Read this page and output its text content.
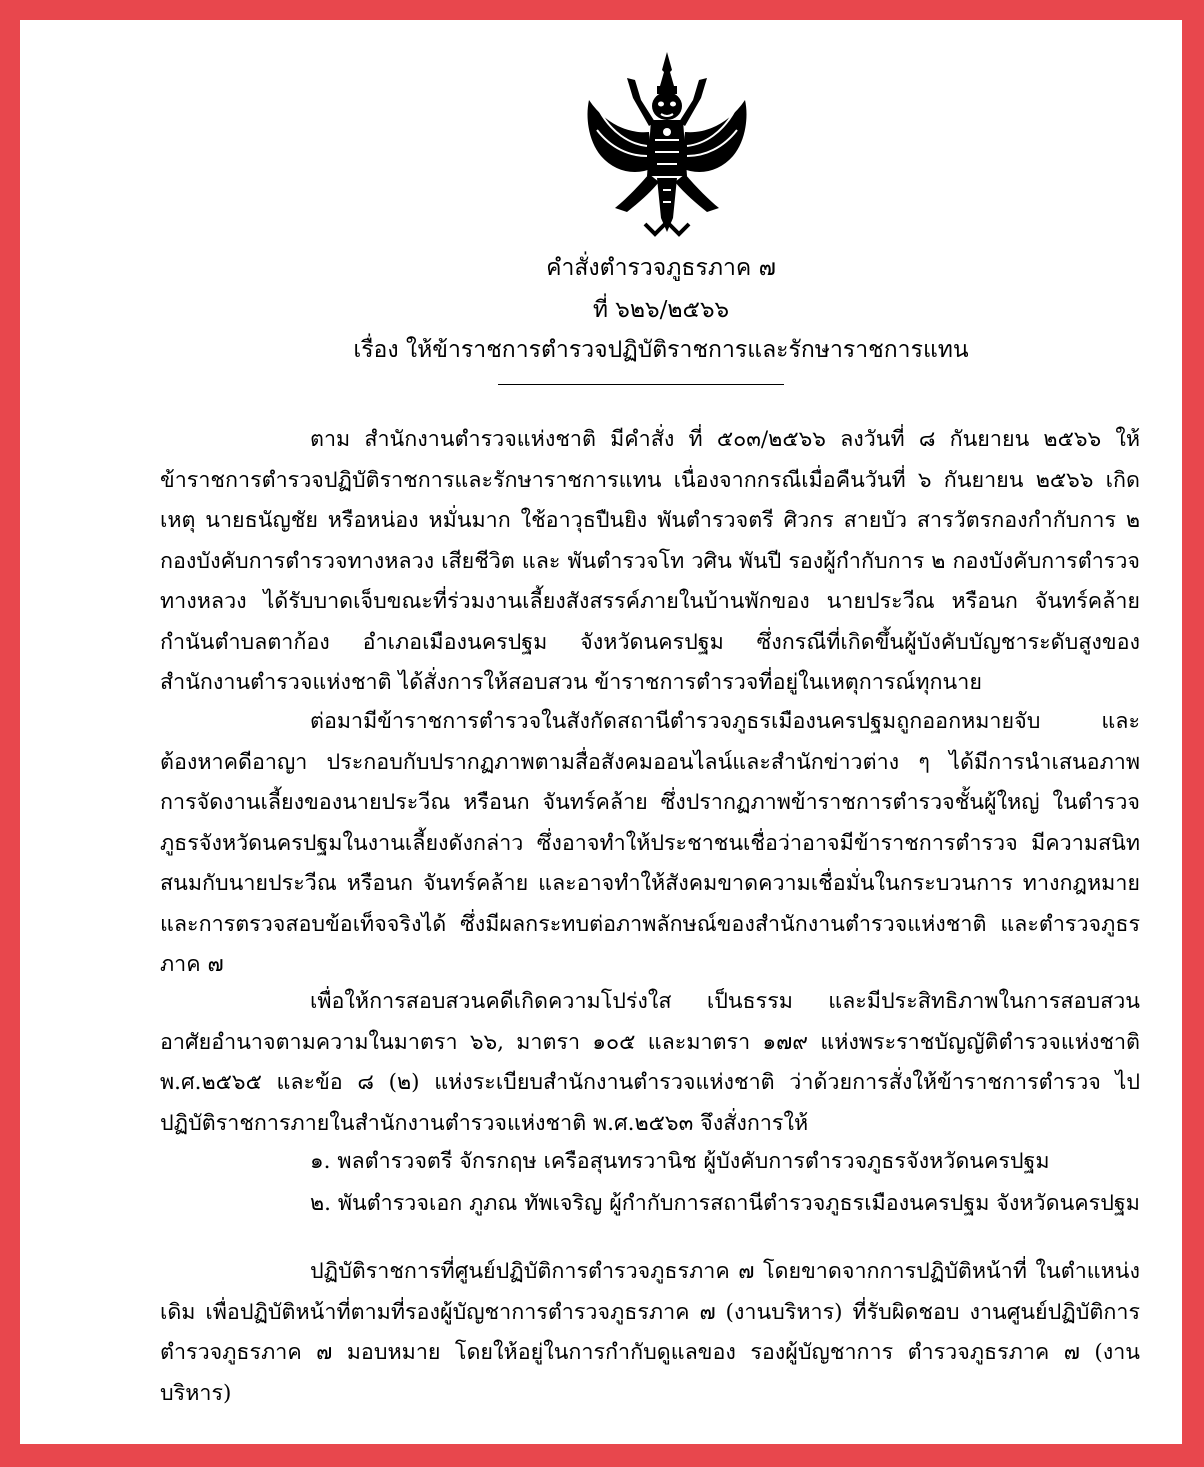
คำสั่งตำรวจภูธรภาค ๗
ที่ ๖๒๖/๒๕๖๖
เรื่อง ให้ข้าราชการตำรวจปฏิบัติราชการและรักษาราชการแทน
ตาม สำนักงานตำรวจแห่งชาติ มีคำสั่ง ที่ ๕๐๓/๒๕๖๖ ลงวันที่ ๘ กันยายน ๒๕๖๖ ให้ข้าราชการตำรวจปฏิบัติราชการและรักษาราชการแทน เนื่องจากกรณีเมื่อคืนวันที่ ๖ กันยายน ๒๕๖๖ เกิดเหตุ นายธนัญชัย หรือหน่อง หมั่นมาก ใช้อาวุธปืนยิง พันตำรวจตรี ศิวกร สายบัว สารวัตรกองกำกับการ ๒ กองบังคับการตำรวจทางหลวง เสียชีวิต และ พันตำรวจโท วศิน พันปี รองผู้กำกับการ ๒ กองบังคับการตำรวจทางหลวง ได้รับบาดเจ็บขณะที่ร่วมงานเลี้ยงสังสรรค์ภายในบ้านพักของ นายประวีณ หรือนก จันทร์คล้าย กำนันตำบลตาก้อง อำเภอเมืองนครปฐม จังหวัดนครปฐม ซึ่งกรณีที่เกิดขึ้นผู้บังคับบัญชาระดับสูงของสำนักงานตำรวจแห่งชาติ ได้สั่งการให้สอบสวน ข้าราชการตำรวจที่อยู่ในเหตุการณ์ทุกนาย
ต่อมามีข้าราชการตำรวจในสังกัดสถานีตำรวจภูธรเมืองนครปฐมถูกออกหมายจับ และต้องหาคดีอาญา ประกอบกับปรากฏภาพตามสื่อสังคมออนไลน์และสำนักข่าวต่าง ๆ ได้มีการนำเสนอภาพ การจัดงานเลี้ยงของนายประวีณ หรือนก จันทร์คล้าย ซึ่งปรากฏภาพข้าราชการตำรวจชั้นผู้ใหญ่ ในตำรวจภูธรจังหวัดนครปฐมในงานเลี้ยงดังกล่าว ซึ่งอาจทำให้ประชาชนเชื่อว่าอาจมีข้าราชการตำรวจ มีความสนิทสนมกับนายประวีณ หรือนก จันทร์คล้าย และอาจทำให้สังคมขาดความเชื่อมั่นในกระบวนการ ทางกฎหมายและการตรวจสอบข้อเท็จจริงได้ ซึ่งมีผลกระทบต่อภาพลักษณ์ของสำนักงานตำรวจแห่งชาติ และตำรวจภูธรภาค ๗
เพื่อให้การสอบสวนคดีเกิดความโปร่งใส เป็นธรรม และมีประสิทธิภาพในการสอบสวน อาศัยอำนาจตามความในมาตรา ๖๖, มาตรา ๑๐๕ และมาตรา ๑๗๙ แห่งพระราชบัญญัติตำรวจแห่งชาติ พ.ศ.๒๕๖๕ และข้อ ๘ (๒) แห่งระเบียบสำนักงานตำรวจแห่งชาติ ว่าด้วยการสั่งให้ข้าราชการตำรวจ ไปปฏิบัติราชการภายในสำนักงานตำรวจแห่งชาติ พ.ศ.๒๕๖๓ จึงสั่งการให้
๑. พลตำรวจตรี จักรกฤษ เครือสุนทรวานิช ผู้บังคับการตำรวจภูธรจังหวัดนครปฐม
๒. พันตำรวจเอก ภูภณ ทัพเจริญ ผู้กำกับการสถานีตำรวจภูธรเมืองนครปฐม จังหวัดนครปฐม
ปฏิบัติราชการที่ศูนย์ปฏิบัติการตำรวจภูธรภาค ๗ โดยขาดจากการปฏิบัติหน้าที่ ในตำแหน่งเดิม เพื่อปฏิบัติหน้าที่ตามที่รองผู้บัญชาการตำรวจภูธรภาค ๗ (งานบริหาร) ที่รับผิดชอบ งานศูนย์ปฏิบัติการตำรวจภูธรภาค ๗ มอบหมาย โดยให้อยู่ในการกำกับดูแลของ รองผู้บัญชาการ ตำรวจภูธรภาค ๗ (งานบริหาร)
